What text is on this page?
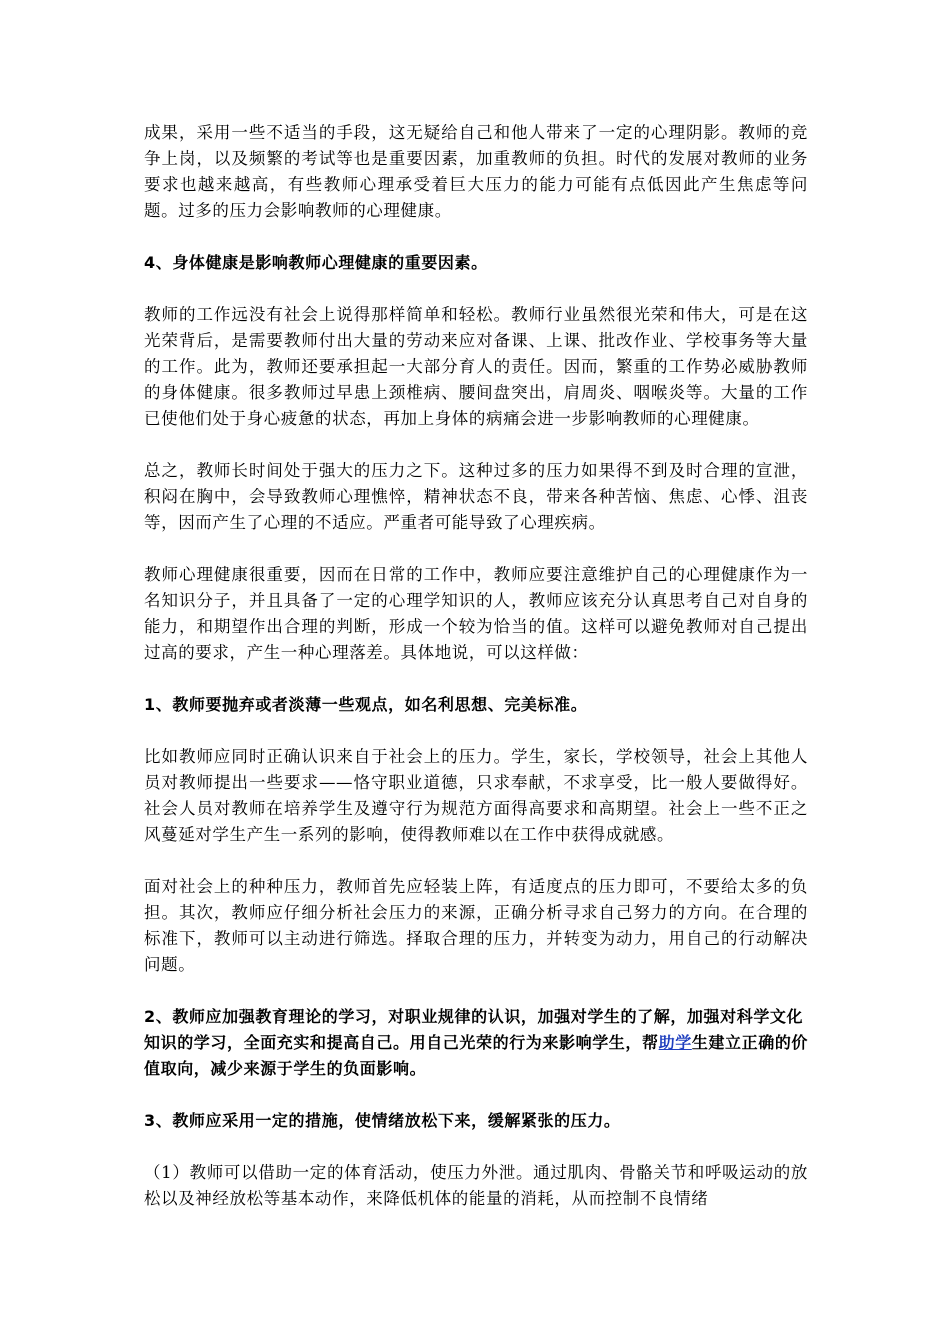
成果，采用一些不适当的手段，这无疑给自己和他人带来了一定的心理阴影。教师的竞争上岗，以及频繁的考试等也是重要因素，加重教师的负担。时代的发展对教师的业务要求也越来越高，有些教师心理承受着巨大压力的能力可能有点低因此产生焦虑等问题。过多的压力会影响教师的心理健康。

4、身体健康是影响教师心理健康的重要因素。

教师的工作远没有社会上说得那样简单和轻松。教师行业虽然很光荣和伟大，可是在这光荣背后，是需要教师付出大量的劳动来应对备课、上课、批改作业、学校事务等大量的工作。此为，教师还要承担起一大部分育人的责任。因而，繁重的工作势必威胁教师的身体健康。很多教师过早患上颈椎病、腰间盘突出，肩周炎、咽喉炎等。大量的工作已使他们处于身心疲惫的状态，再加上身体的病痛会进一步影响教师的心理健康。

总之，教师长时间处于强大的压力之下。这种过多的压力如果得不到及时合理的宣泄，积闷在胸中，会导致教师心理憔悴，精神状态不良，带来各种苦恼、焦虑、心悸、沮丧等，因而产生了心理的不适应。严重者可能导致了心理疾病。

教师心理健康很重要，因而在日常的工作中，教师应要注意维护自己的心理健康作为一名知识分子，并且具备了一定的心理学知识的人，教师应该充分认真思考自己对自身的能力，和期望作出合理的判断，形成一个较为恰当的值。这样可以避免教师对自己提出过高的要求，产生一种心理落差。具体地说，可以这样做：

1、教师要抛弃或者淡薄一些观点，如名利思想、完美标准。

比如教师应同时正确认识来自于社会上的压力。学生，家长，学校领导，社会上其他人员对教师提出一些要求——恪守职业道德，只求奉献，不求享受，比一般人要做得好。社会人员对教师在培养学生及遵守行为规范方面得高要求和高期望。社会上一些不正之风蔓延对学生产生一系列的影响，使得教师难以在工作中获得成就感。

面对社会上的种种压力，教师首先应轻装上阵，有适度点的压力即可，不要给太多的负担。其次，教师应仔细分析社会压力的来源，正确分析寻求自己努力的方向。在合理的标准下，教师可以主动进行筛选。择取合理的压力，并转变为动力，用自己的行动解决问题。

2、教师应加强教育理论的学习，对职业规律的认识，加强对学生的了解，加强对科学文化知识的学习，全面充实和提高自己。用自己光荣的行为来影响学生，帮助学生建立正确的价值取向，减少来源于学生的负面影响。

3、教师应采用一定的措施，使情绪放松下来，缓解紧张的压力。

（1）教师可以借助一定的体育活动，使压力外泄。通过肌肉、骨骼关节和呼吸运动的放松以及神经放松等基本动作，来降低机体的能量的消耗，从而控制不良情绪
